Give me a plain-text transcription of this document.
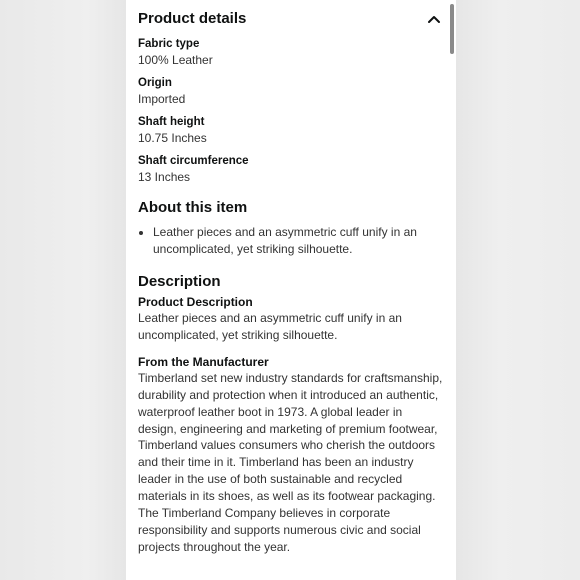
Product details
Fabric type
100% Leather
Origin
Imported
Shaft height
10.75 Inches
Shaft circumference
13 Inches
About this item
• Leather pieces and an asymmetric cuff unify in an uncomplicated, yet striking silhouette.
Description
Product Description
Leather pieces and an asymmetric cuff unify in an uncomplicated, yet striking silhouette.
From the Manufacturer
Timberland set new industry standards for craftsmanship, durability and protection when it introduced an authentic, waterproof leather boot in 1973. A global leader in design, engineering and marketing of premium footwear, Timberland values consumers who cherish the outdoors and their time in it. Timberland has been an industry leader in the use of both sustainable and recycled materials in its shoes, as well as its footwear packaging. The Timberland Company believes in corporate responsibility and supports numerous civic and social projects throughout the year.
